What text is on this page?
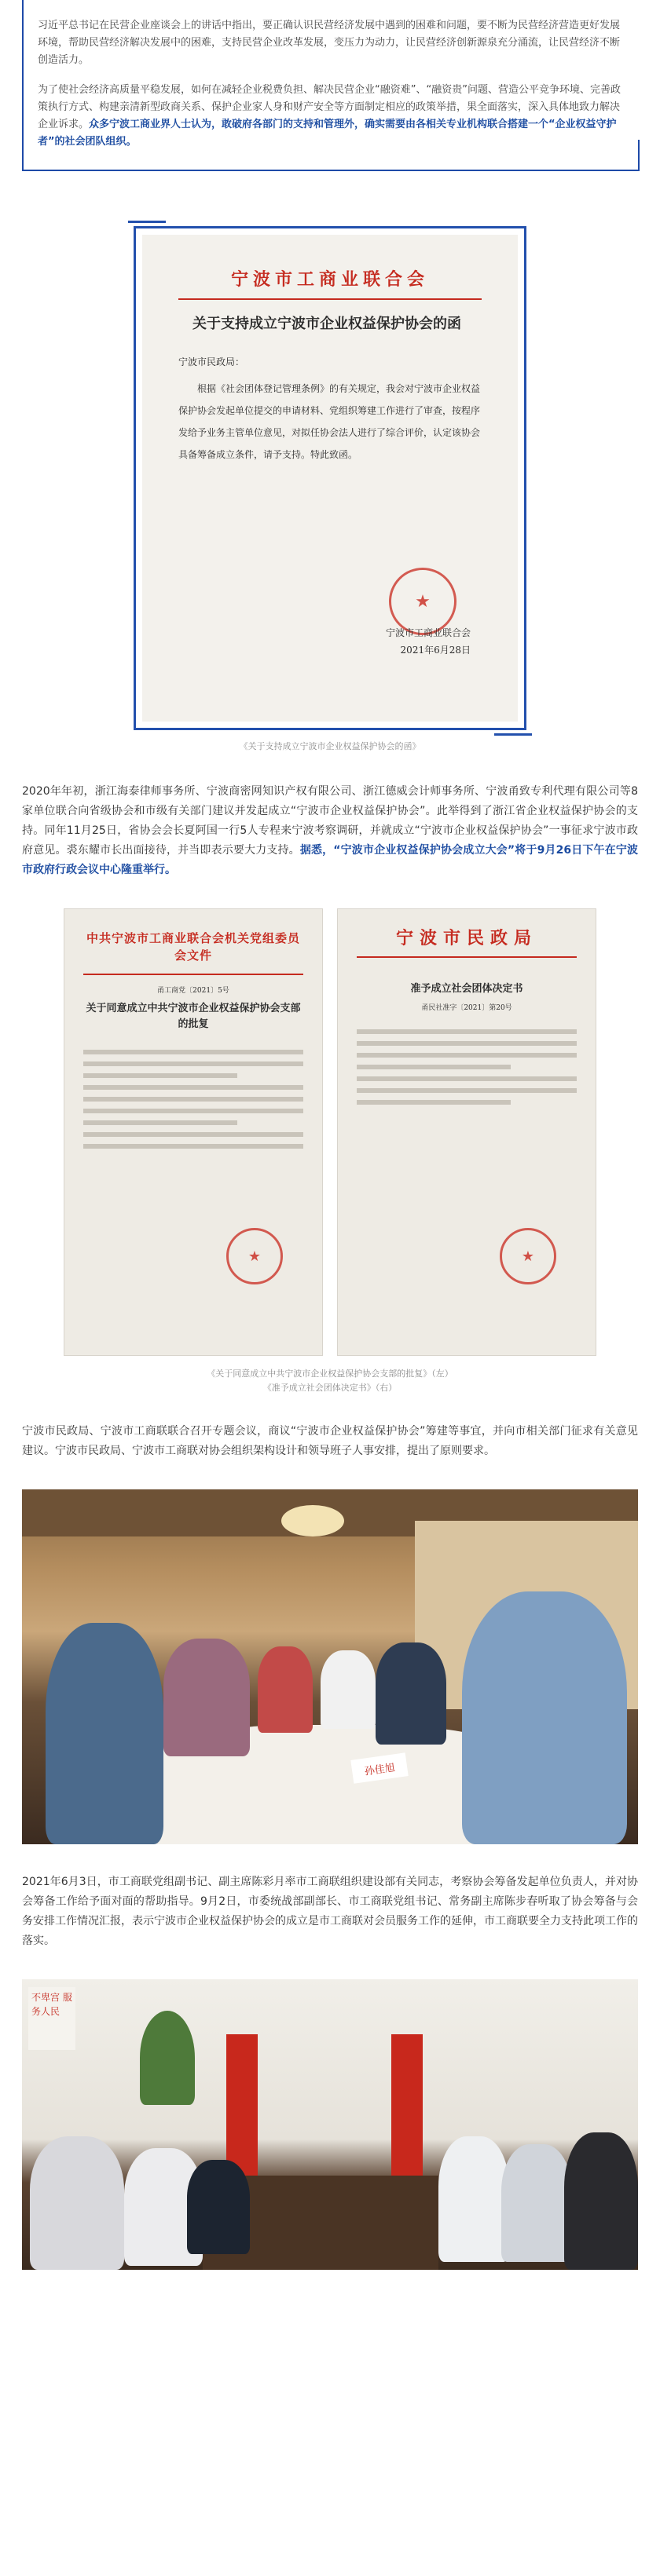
习近平总书记在民营企业座谈会上的讲话中指出，要正确认识民营经济发展中遇到的困难和问题，要不断为民营经济营造更好发展环境，帮助民营经济解决发展中的困难，支持民营企业改革发展，变压力为动力，让民营经济创新源泉充分涌流，让民营经济不断创造活力。

为了使社会经济高质量平稳发展，如何在减轻企业税费负担、解决民营企业“融资难”、“融资贵”问题、营造公平竞争环境、完善政策执行方式、构建亲清新型政商关系、保护企业家人身和财产安全等方面制定相应的政策举措，果全面落实，深入具体地致力解决企业诉求。众多宁波工商业界人士认为，敢破府各部门的支持和管理外，确实需要由各相关专业机构联合搭建一个“企业权益守护者”的社会团队组织。

宁波市工商业联合会
关于支持成立宁波市企业权益保护协会的函
宁波市民政局：
根据《社会团体登记管理条例》的有关规定，我会对宁波市企业权益保护协会发起单位提交的申请材料、党组织筹建工作进行了审查，按程序发给予业务主管单位意见，对拟任协会法人进行了综合评价，认定该协会具备筹备成立条件，请予支持。特此致函。
★
宁波市工商业联合会
2021年6月28日
《关于支持成立宁波市企业权益保护协会的函》

2020年年初，浙江海泰律师事务所、宁波商密网知识产权有限公司、浙江德威会计师事务所、宁波甬致专利代理有限公司等8家单位联合向省级协会和市级有关部门建议并发起成立“宁波市企业权益保护协会”。此举得到了浙江省企业权益保护协会的支持。同年11月25日，省协会会长夏阿国一行5人专程来宁波考察调研，并就成立“宁波市企业权益保护协会”一事征求宁波市政府意见。裘东耀市长出面接待，并当即表示要大力支持。据悉，“宁波市企业权益保护协会成立大会”将于9月26日下午在宁波市政府行政会议中心隆重举行。

中共宁波市工商业联合会机关党组委员会文件
甬工商党〔2021〕5号
关于同意成立中共宁波市企业权益保护协会支部的批复
★
宁波市民政局
准予成立社会团体决定书
甬民社准字〔2021〕第20号
★
《关于同意成立中共宁波市企业权益保护协会支部的批复》（左）
《准予成立社会团体决定书》（右）

宁波市民政局、宁波市工商联联合召开专题会议，商议“宁波市企业权益保护协会”筹建等事宜，并向市相关部门征求有关意见建议。宁波市民政局、宁波市工商联对协会组织架构设计和领导班子人事安排，提出了原则要求。

孙佳旭

2021年6月3日，市工商联党组副书记、副主席陈彩月率市工商联组织建设部有关同志，考察协会筹备发起单位负责人，并对协会筹备工作给予面对面的帮助指导。9月2日，市委统战部副部长、市工商联党组书记、常务副主席陈步春听取了协会筹备与会务安排工作情况汇报，表示宁波市企业权益保护协会的成立是市工商联对会员服务工作的延伸，市工商联要全力支持此项工作的落实。

不卑宫 服务人民
